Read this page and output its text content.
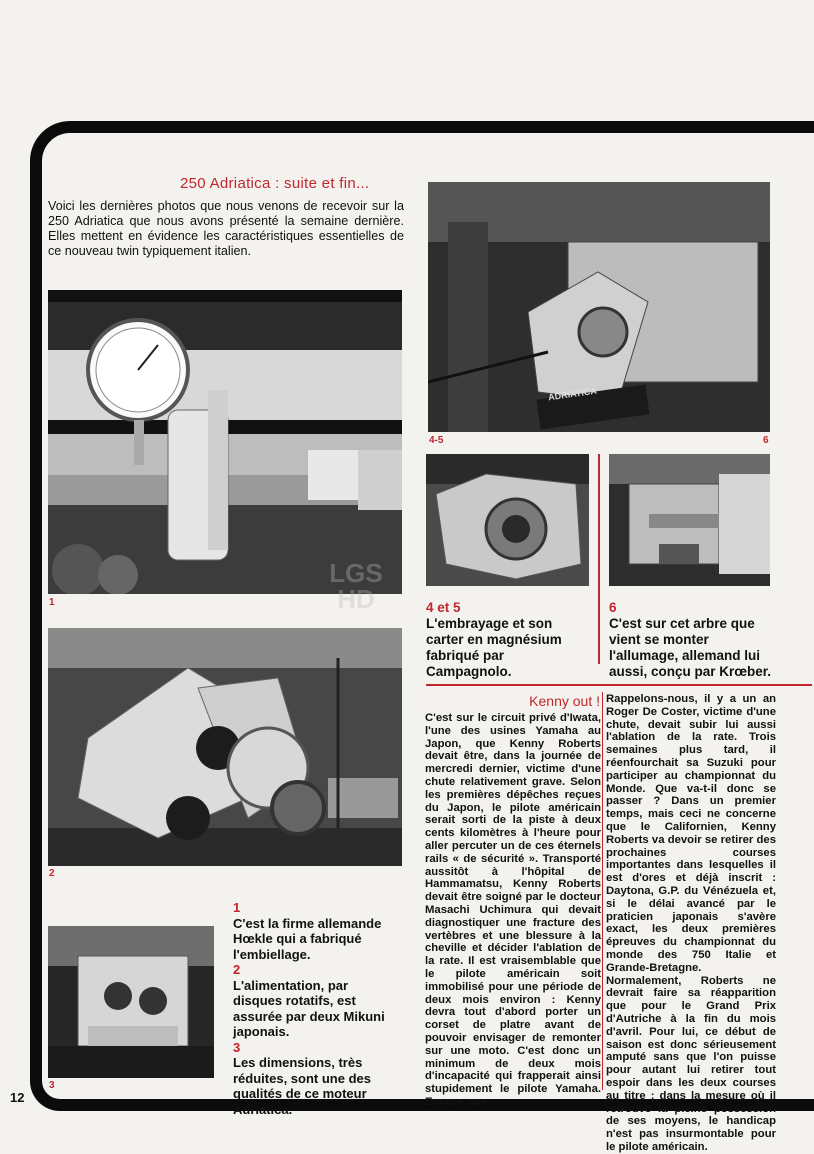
250 Adriatica : suite et fin...
Voici les dernières photos que nous venons de recevoir sur la 250 Adriatica que nous avons présenté la semaine dernière. Elles mettent en évidence les caractéristiques essentielles de ce nouveau twin typiquement italien.
1
2
3
ADRIATICA
4-5	6
4 et 5
L'embrayage et son carter en magnésium fabriqué par Campagnolo.
6
C'est sur cet arbre que vient se monter l'allumage, allemand lui aussi, conçu par Krœber.
1
C'est la firme allemande Hœkle qui a fabriqué l'embiellage.
2
L'alimentation, par disques rotatifs, est assurée par deux Mikuni japonais.
3
Les dimensions, très réduites, sont une des qualités de ce moteur Adriatica.
Kenny out !
C'est sur le circuit privé d'Iwata, l'une des usines Yamaha au Japon, que Kenny Roberts devait être, dans la journée de mercredi dernier, victime d'une chute relativement grave. Selon les premières dépêches reçues du Japon, le pilote américain serait sorti de la piste à deux cents kilomètres à l'heure pour aller percuter un de ces éternels rails « de sécurité ». Transporté aussitôt à l'hôpital de Hammamatsu, Kenny Roberts devait être soigné par le docteur Masachi Uchimura qui devait diagnostiquer une fracture des vertèbres et une blessure à la cheville et décider l'ablation de la rate. Il est vraisemblable que le pilote américain soit immobilisé pour une période de deux mois environ : Kenny devra tout d'abord porter un corset de platre avant de pouvoir envisager de remonter sur une moto. C'est donc un minimum de deux mois d'incapacité qui frapperait ainsi stupidement le pilote Yamaha. Encore que.
Rappelons-nous, il y a un an Roger De Coster, victime d'une chute, devait subir lui aussi l'ablation de la rate. Trois semaines plus tard, il réenfourchait sa Suzuki pour participer au championnat du Monde. Que va-t-il donc se passer ? Dans un premier temps, mais ceci ne concerne que le Californien, Kenny Roberts va devoir se retirer des prochaines courses importantes dans lesquelles il est d'ores et déjà inscrit : Daytona, G.P. du Vénézuela et, si le délai avancé par le praticien japonais s'avère exact, les deux premières épreuves du championnat du monde des 750 Italie et Grande-Bretagne. Normalement, Roberts ne devrait faire sa réapparition que pour le Grand Prix d'Autriche à la fin du mois d'avril. Pour lui, ce début de saison est donc sérieusement amputé sans que l'on puisse pour autant lui retirer tout espoir dans les deux courses au titre : dans la mesure où il retrouve la pleine possession de ses moyens, le handicap n'est pas insurmontable pour le pilote américain.
LGS HD
12
